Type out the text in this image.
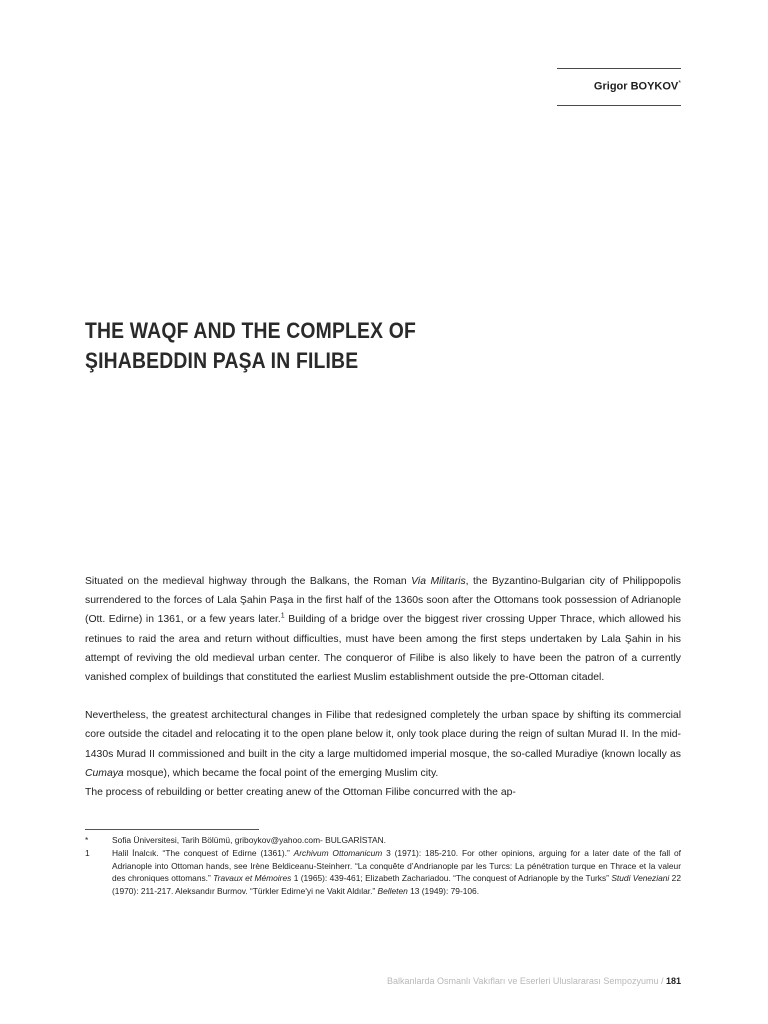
Grigor BOYKOV*
THE WAQF AND THE COMPLEX OF
ŞIHABEDDIN PAŞA IN FILIBE

Situated on the medieval highway through the Balkans, the Roman Via Militaris, the Byzantino-Bulgarian city of Philippopolis surrendered to the forces of Lala Şahin Paşa in the first half of the 1360s soon after the Ottomans took possession of Adrianople (Ott. Edirne) in 1361, or a few years later.$^1$ Building of a bridge over the biggest river crossing Upper Thrace, which allowed his retinues to raid the area and return without difficulties, must have been among the first steps undertaken by Lala Şahin in his attempt of reviving the old medieval urban center. The conqueror of Filibe is also likely to have been the patron of a currently vanished complex of buildings that constituted the earliest Muslim establishment outside the pre-Ottoman citadel.

Nevertheless, the greatest architectural changes in Filibe that redesigned completely the urban space by shifting its commercial core outside the citadel and relocating it to the open plane below it, only took place during the reign of sultan Murad II. In the mid-1430s Murad II commissioned and built in the city a large multidomed imperial mosque, the so-called Muradiye (known locally as Cumaya mosque), which became the focal point of the emerging Muslim city.

The process of rebuilding or better creating anew of the Ottoman Filibe concurred with the ap-

*	Sofia Üniversitesi, Tarih Bölümü, griboykov@yahoo.com- BULGARİSTAN.
1	Halil İnalcık. “The conquest of Edirne (1361).” Archivum Ottomanicum 3 (1971): 185-210. For other opinions, arguing for a later date of the fall of Adrianople into Ottoman hands, see Irène Beldiceanu-Steinherr. “La conquête d’Andrianople par les Turcs: La pénétration turque en Thrace et la valeur des chroniques ottomans.” Travaux et Mémoires 1 (1965): 439-461; Elizabeth Zachariadou. “The conquest of Adrianople by the Turks” Studi Veneziani 22 (1970): 211-217. Aleksandır Burmov. “Türkler Edirne'yi ne Vakit Aldılar.” Belleten 13 (1949): 79-106.
Balkanlarda Osmanlı Vakıfları ve Eserleri Uluslararası Sempozyumu / 181
